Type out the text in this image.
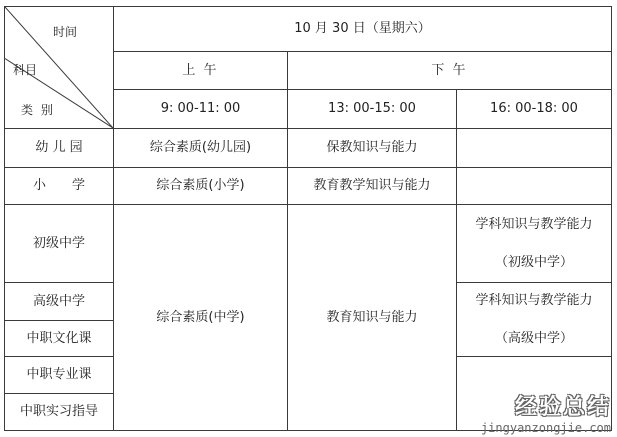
时间
科目
类 别	10 月 30 日（星期六）		
	上 午	下 午	
	9: 00-11: 00	13: 00-15: 00	16: 00-18: 00
幼 儿 园	综合素质(幼儿园)	保教知识与能力	
小　　学	综合素质(小学)	教育教学知识与能力	
初级中学	综合素质(中学)	教育知识与能力	学科知识与教学能力
（初级中学）

高级中学			学科知识与教学能力
（高级中学）

中职文化课			
中职专业课			
中职实习指导				经验总结
jingyanzongjie.com
